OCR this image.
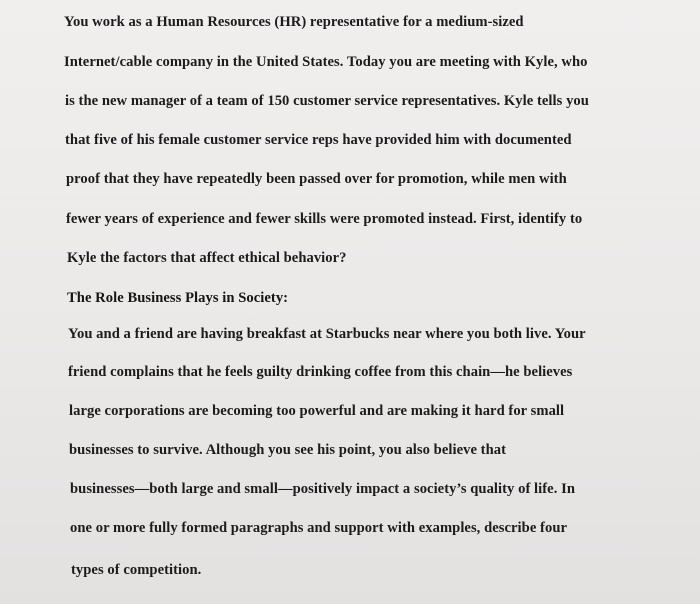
You work as a Human Resources (HR) representative for a medium-sized

Internet/cable company in the United States. Today you are meeting with Kyle, who

is the new manager of a team of 150 customer service representatives. Kyle tells you

that five of his female customer service reps have provided him with documented

proof that they have repeatedly been passed over for promotion, while men with

fewer years of experience and fewer skills were promoted instead. First, identify to

Kyle the factors that affect ethical behavior?

The Role Business Plays in Society:

You and a friend are having breakfast at Starbucks near where you both live. Your

friend complains that he feels guilty drinking coffee from this chain—he believes

large corporations are becoming too powerful and are making it hard for small

businesses to survive. Although you see his point, you also believe that

businesses—both large and small—positively impact a society’s quality of life. In

one or more fully formed paragraphs and support with examples, describe four

types of competition.
